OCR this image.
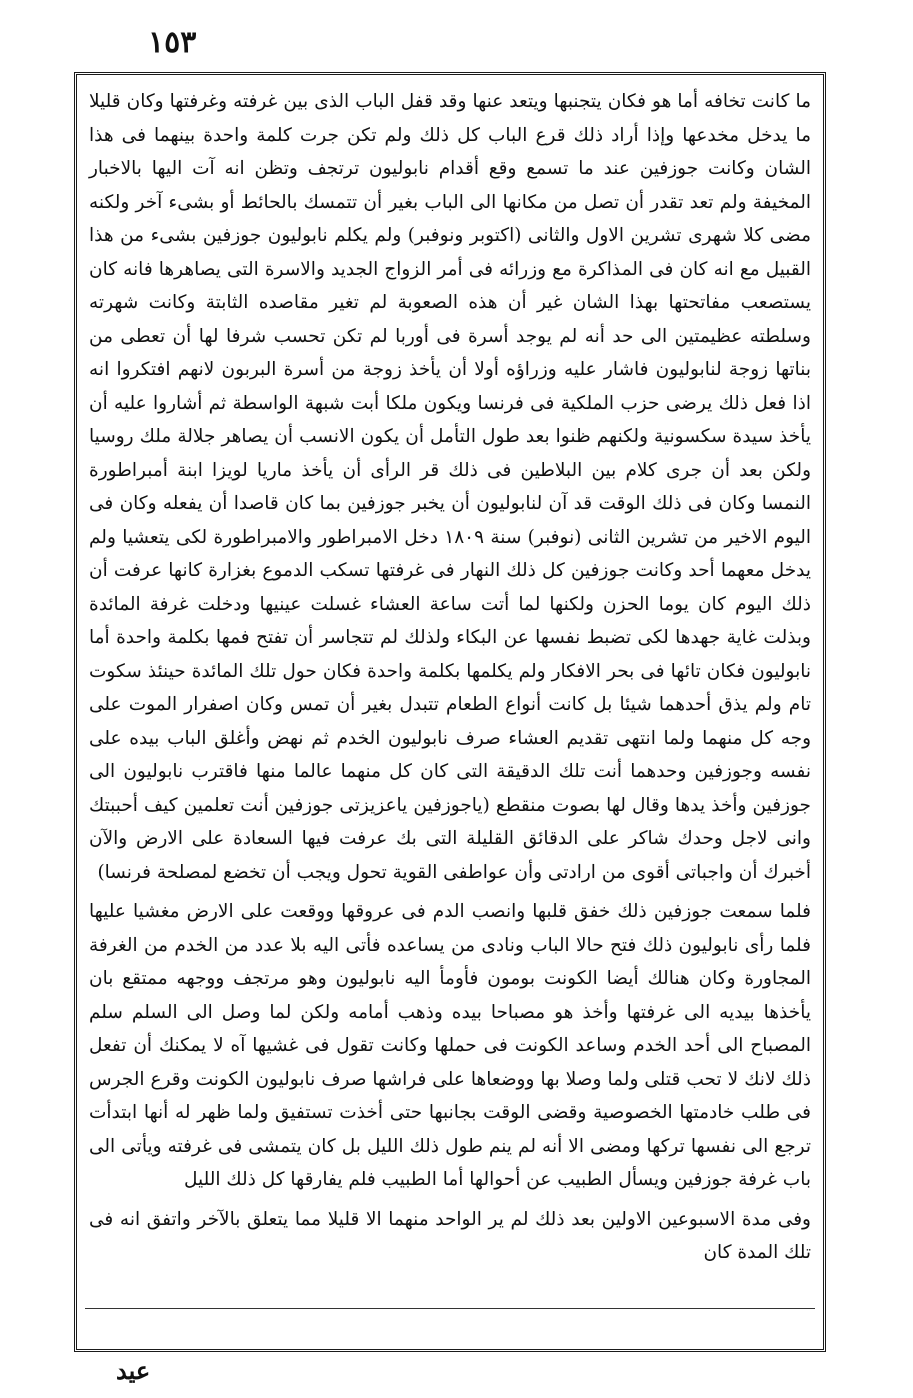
١٥٣

ما كانت تخافه أما هو فكان يتجنبها ويتعد عنها وقد قفل الباب الذى بين غرفته وغرفتها وكان قليلا ما يدخل مخدعها وإذا أراد ذلك قرع الباب كل ذلك ولم تكن جرت كلمة واحدة بينهما فى هذا الشان وكانت جوزفين عند ما تسمع وقع أقدام نابوليون ترتجف وتظن انه آت اليها بالاخبار المخيفة ولم تعد تقدر أن تصل من مكانها الى الباب بغير أن تتمسك بالحائط أو بشىء آخر ولكنه مضى كلا شهرى تشرين الاول والثانى (اكتوبر ونوفبر) ولم يكلم نابوليون جوزفين بشىء من هذا القبيل مع انه كان فى المذاكرة مع وزرائه فى أمر الزواج الجديد والاسرة التى يصاهرها فانه كان يستصعب مفاتحتها بهذا الشان غير أن هذه الصعوبة لم تغير مقاصده الثابتة وكانت شهرته وسلطته عظيمتين الى حد أنه لم يوجد أسرة فى أوربا لم تكن تحسب شرفا لها أن تعطى من بناتها زوجة لنابوليون فاشار عليه وزراؤه أولا أن يأخذ زوجة من أسرة البربون لانهم افتكروا انه اذا فعل ذلك يرضى حزب الملكية فى فرنسا ويكون ملكا أبت شبهة الواسطة ثم أشاروا عليه أن يأخذ سيدة سكسونية ولكنهم ظنوا بعد طول التأمل أن يكون الانسب أن يصاهر جلالة ملك روسيا ولكن بعد أن جرى كلام بين البلاطين فى ذلك قر الرأى أن يأخذ ماريا لويزا ابنة أمبراطورة النمسا وكان فى ذلك الوقت قد آن لنابوليون أن يخبر جوزفين بما كان قاصدا أن يفعله وكان فى اليوم الاخير من تشرين الثانى (نوفبر) سنة ١٨٠٩ دخل الامبراطور والامبراطورة لكى يتعشيا ولم يدخل معهما أحد وكانت جوزفين كل ذلك النهار فى غرفتها تسكب الدموع بغزارة كانها عرفت أن ذلك اليوم كان يوما الحزن ولكنها لما أتت ساعة العشاء غسلت عينيها ودخلت غرفة المائدة وبذلت غاية جهدها لكى تضبط نفسها عن البكاء ولذلك لم تتجاسر أن تفتح فمها بكلمة واحدة أما نابوليون فكان تائها فى بحر الافكار ولم يكلمها بكلمة واحدة فكان حول تلك المائدة حينئذ سكوت تام ولم يذق أحدهما شيئا بل كانت أنواع الطعام تتبدل بغير أن تمس وكان اصفرار الموت على وجه كل منهما ولما انتهى تقديم العشاء صرف نابوليون الخدم ثم نهض وأغلق الباب بيده على نفسه وجوزفين وحدهما أنت تلك الدقيقة التى كان كل منهما عالما منها فاقترب نابوليون الى جوزفين وأخذ يدها وقال لها بصوت منقطع (ياجوزفين ياعزيزتى جوزفين أنت تعلمين كيف أحببتك وانى لاجل وحدك شاكر على الدقائق القليلة التى بك عرفت فيها السعادة على الارض والآن أخبرك أن واجباتى أقوى من ارادتى وأن عواطفى القوية تحول ويجب أن تخضع لمصلحة فرنسا)

فلما سمعت جوزفين ذلك خفق قلبها وانصب الدم فى عروقها ووقعت على الارض مغشيا عليها فلما رأى نابوليون ذلك فتح حالا الباب ونادى من يساعده فأتى اليه بلا عدد من الخدم من الغرفة المجاورة وكان هنالك أيضا الكونت بومون فأومأ اليه نابوليون وهو مرتجف ووجهه ممتقع بان يأخذها بيديه الى غرفتها وأخذ هو مصباحا بيده وذهب أمامه ولكن لما وصل الى السلم سلم المصباح الى أحد الخدم وساعد الكونت فى حملها وكانت تقول فى غشيها آه لا يمكنك أن تفعل ذلك لانك لا تحب قتلى ولما وصلا بها ووضعاها على فراشها صرف نابوليون الكونت وقرع الجرس فى طلب خادمتها الخصوصية وقضى الوقت بجانبها حتى أخذت تستفيق ولما ظهر له أنها ابتدأت ترجع الى نفسها تركها ومضى الا أنه لم ينم طول ذلك الليل بل كان يتمشى فى غرفته ويأتى الى باب غرفة جوزفين ويسأل الطبيب عن أحوالها أما الطبيب فلم يفارقها كل ذلك الليل

وفى مدة الاسبوعين الاولين بعد ذلك لم ير الواحد منهما الا قليلا مما يتعلق بالآخر واتفق انه فى تلك المدة كان

عيد
